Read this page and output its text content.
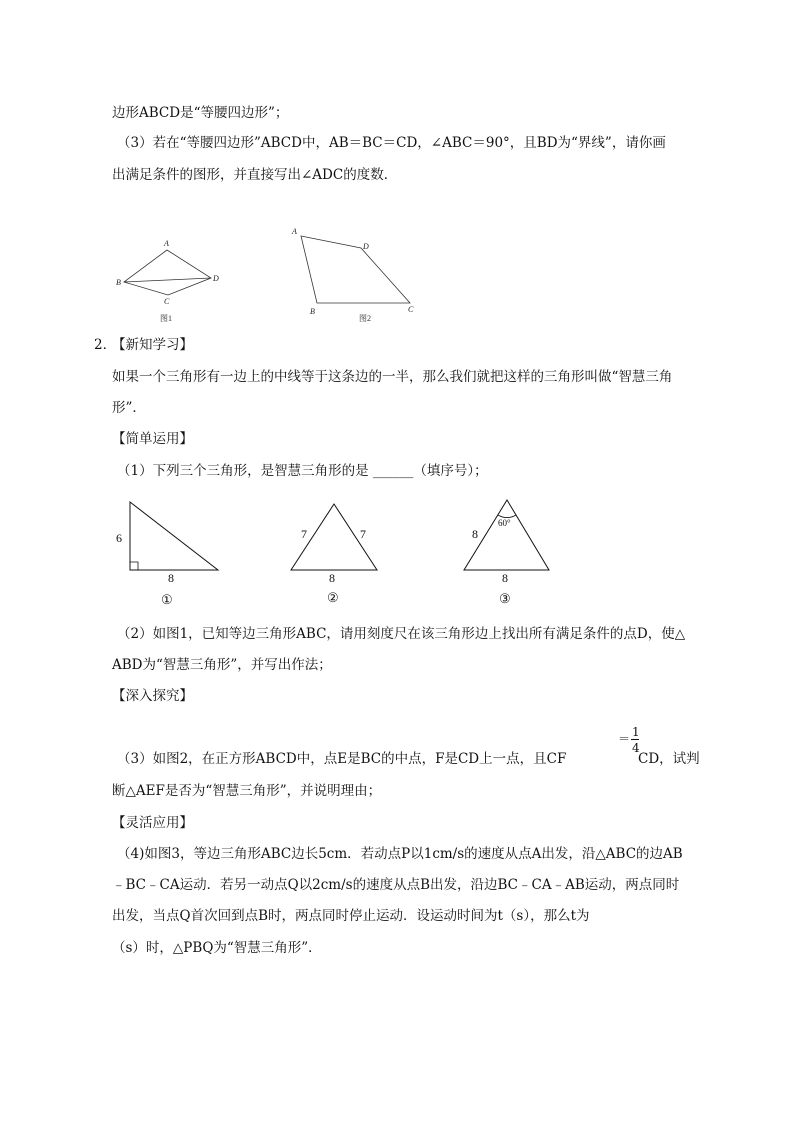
边形ABCD是“等腰四边形”；
（3）若在“等腰四边形”ABCD中，AB＝BC＝CD，∠ABC＝90°，且BD为“界线”，请你画
出满足条件的图形，并直接写出∠ADC的度数．
A
B
C
D
图1
A
D
B	C
图2
2．
【新知学习】
如果一个三角形有一边上的中线等于这条边的一半，那么我们就把这样的三角形叫做“智慧三角
形”．
【简单运用】
（1）下列三个三角形，是智慧三角形的是 ______（填序号）；
6
8
①
7	7
8
②
8
60°
8
③
（2）如图1，已知等边三角形ABC，请用刻度尺在该三角形边上找出所有满足条件的点D，使△
ABD为“智慧三角形”，并写出作法；
【深入探究】
（3）如图2，在正方形ABCD中，点E是BC的中点，F是CD上一点，且CF
＝ 1
4
CD，试判
断△AEF是否为“智慧三角形”，并说明理由；
【灵活应用】
（4)如图3，等边三角形ABC边长5cm．若动点P以1cm/s的速度从点A出发，沿△ABC的边AB
﹣BC﹣CA运动．若另一动点Q以2cm/s的速度从点B出发，沿边BC﹣CA﹣AB运动，两点同时
出发，当点Q首次回到点B时，两点同时停止运动．设运动时间为t（s），那么t为
（s）时，△PBQ为“智慧三角形”．
